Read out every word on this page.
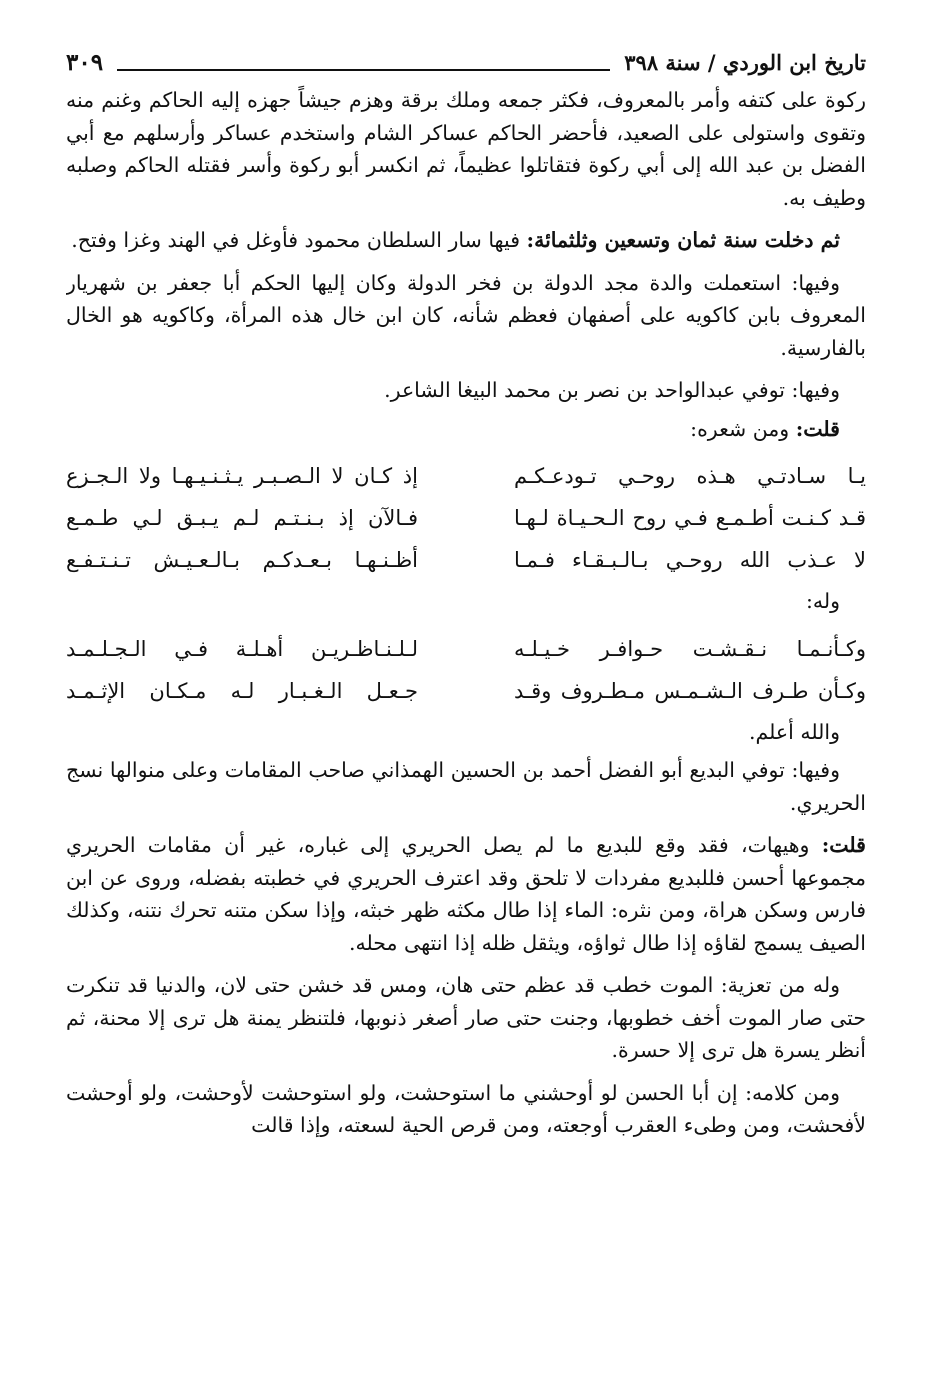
تاريخ ابن الوردي / سنة ٣٩٨
٣٠٩

ركوة على كتفه وأمر بالمعروف، فكثر جمعه وملك برقة وهزم جيشاً جهزه إليه الحاكم وغنم منه وتقوى واستولى على الصعيد، فأحضر الحاكم عساكر الشام واستخدم عساكر وأرسلهم مع أبي الفضل بن عبد الله إلى أبي ركوة فتقاتلوا عظيماً، ثم انكسر أبو ركوة وأسر فقتله الحاكم وصلبه وطيف به.

ثم دخلت سنة ثمان وتسعين وثلثمائة: فيها سار السلطان محمود فأوغل في الهند وغزا وفتح.

وفيها: استعملت والدة مجد الدولة بن فخر الدولة وكان إليها الحكم أبا جعفر بن شهريار المعروف بابن كاكويه على أصفهان فعظم شأنه، كان ابن خال هذه المرأة، وكاكويه هو الخال بالفارسية.

وفيها: توفي عبدالواحد بن نصر بن محمد البيغا الشاعر.

قلت: ومن شعره:

يـا سـادتـي هـذه روحـي تـودعـكـم
إذ كـان لا الـصـبـر يـثـنـيـهـا ولا الـجـزع
قـد كـنـت أطـمـع فـي روح الـحـيـاة لـهـا
فـالآن إذ بـنـتـم لـم يـبـق لـي طـمـع
لا عـذب الله روحـي بـالـبـقـاء فـمـا
أظـنـهـا بـعـدكـم بـالـعـيـش تـنـتـفـع

وله:

وكـأنـمـا نـقـشـت حـوافـر خـيـلـه
لـلـنـاظـريـن أهـلـة فـي الـجـلـمـد
وكـأن طـرف الـشـمـس مـطـروف وقـد
جـعـل الـغـبـار لـه مـكـان الإثـمـد

والله أعلم.

وفيها: توفي البديع أبو الفضل أحمد بن الحسين الهمذاني صاحب المقامات وعلى منوالها نسج الحريري.

قلت: وهيهات، فقد وقع للبديع ما لم يصل الحريري إلى غباره، غير أن مقامات الحريري مجموعها أحسن فللبديع مفردات لا تلحق وقد اعترف الحريري في خطبته بفضله، وروى عن ابن فارس وسكن هراة، ومن نثره: الماء إذا طال مكثه ظهر خبثه، وإذا سكن متنه تحرك نتنه، وكذلك الصيف يسمج لقاؤه إذا طال ثواؤه، ويثقل ظله إذا انتهى محله.

وله من تعزية: الموت خطب قد عظم حتى هان، ومس قد خشن حتى لان، والدنيا قد تنكرت حتى صار الموت أخف خطوبها، وجنت حتى صار أصغر ذنوبها، فلتنظر يمنة هل ترى إلا محنة، ثم أنظر يسرة هل ترى إلا حسرة.

ومن كلامه: إن أبا الحسن لو أوحشني ما استوحشت، ولو استوحشت لأوحشت، ولو أوحشت لأفحشت، ومن وطىء العقرب أوجعته، ومن قرص الحية لسعته، وإذا قالت
